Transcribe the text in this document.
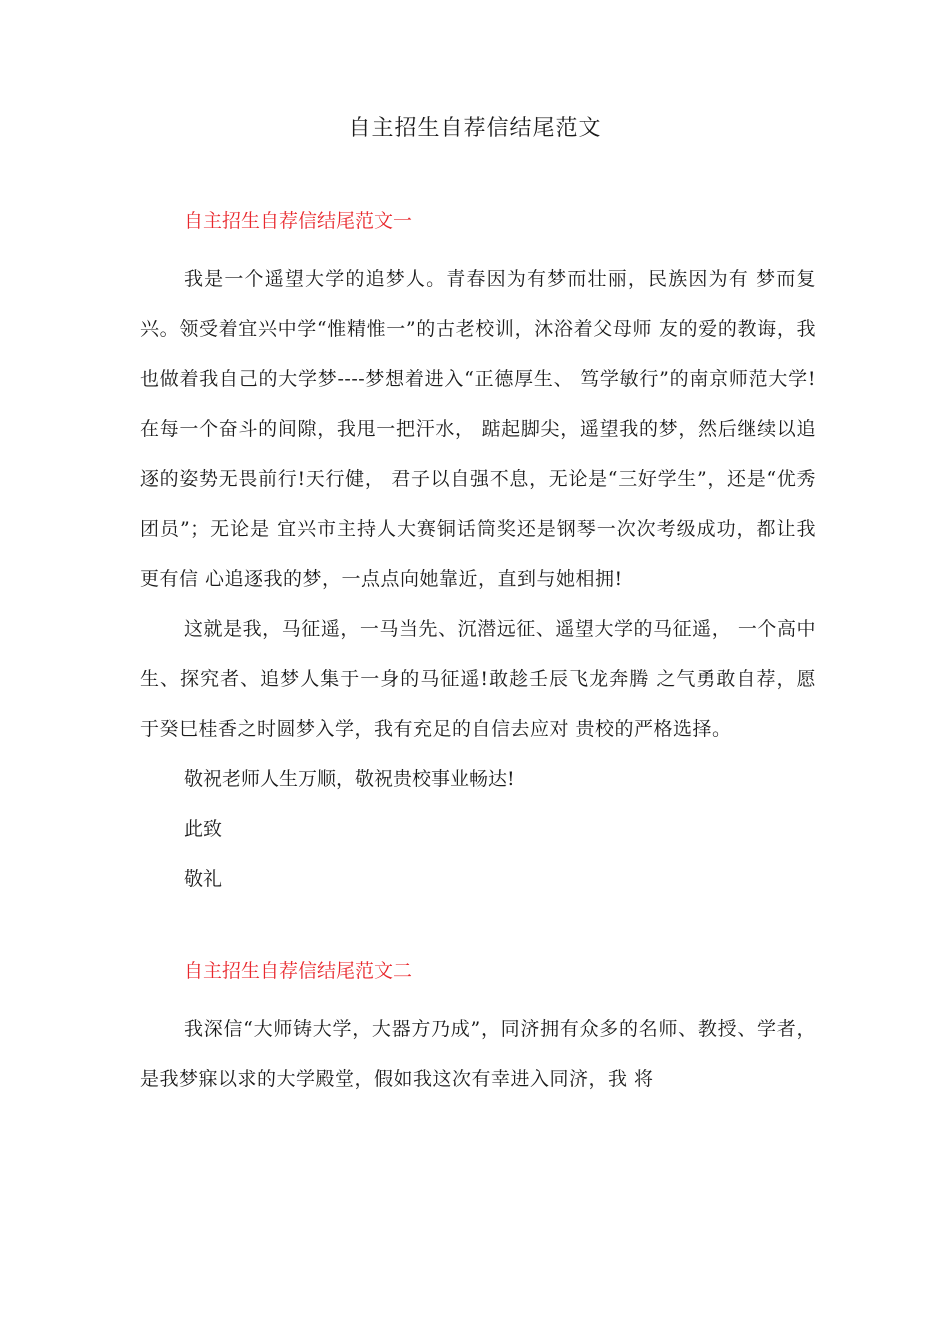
自主招生自荐信结尾范文
自主招生自荐信结尾范文一

我是一个遥望大学的追梦人。青春因为有梦而壮丽，民族因为有 梦而复兴。领受着宜兴中学“惟精惟一”的古老校训，沐浴着父母师 友的爱的教诲，我也做着我自己的大学梦----梦想着进入“正德厚生、 笃学敏行”的南京师范大学!在每一个奋斗的间隙，我甩一把汗水， 踮起脚尖，遥望我的梦，然后继续以追逐的姿势无畏前行!天行健， 君子以自强不息，无论是“三好学生”，还是“优秀团员”；无论是 宜兴市主持人大赛铜话筒奖还是钢琴一次次考级成功，都让我更有信 心追逐我的梦，一点点向她靠近，直到与她相拥!

这就是我，马征遥，一马当先、沉潜远征、遥望大学的马征遥， 一个高中生、探究者、追梦人集于一身的马征遥!敢趁壬辰飞龙奔腾 之气勇敢自荐，愿于癸巳桂香之时圆梦入学，我有充足的自信去应对 贵校的严格选择。

敬祝老师人生万顺，敬祝贵校事业畅达!

此致

敬礼

自主招生自荐信结尾范文二

我深信“大师铸大学，大器方乃成”，同济拥有众多的名师、教授、学者，是我梦寐以求的大学殿堂，假如我这次有幸进入同济，我 将
